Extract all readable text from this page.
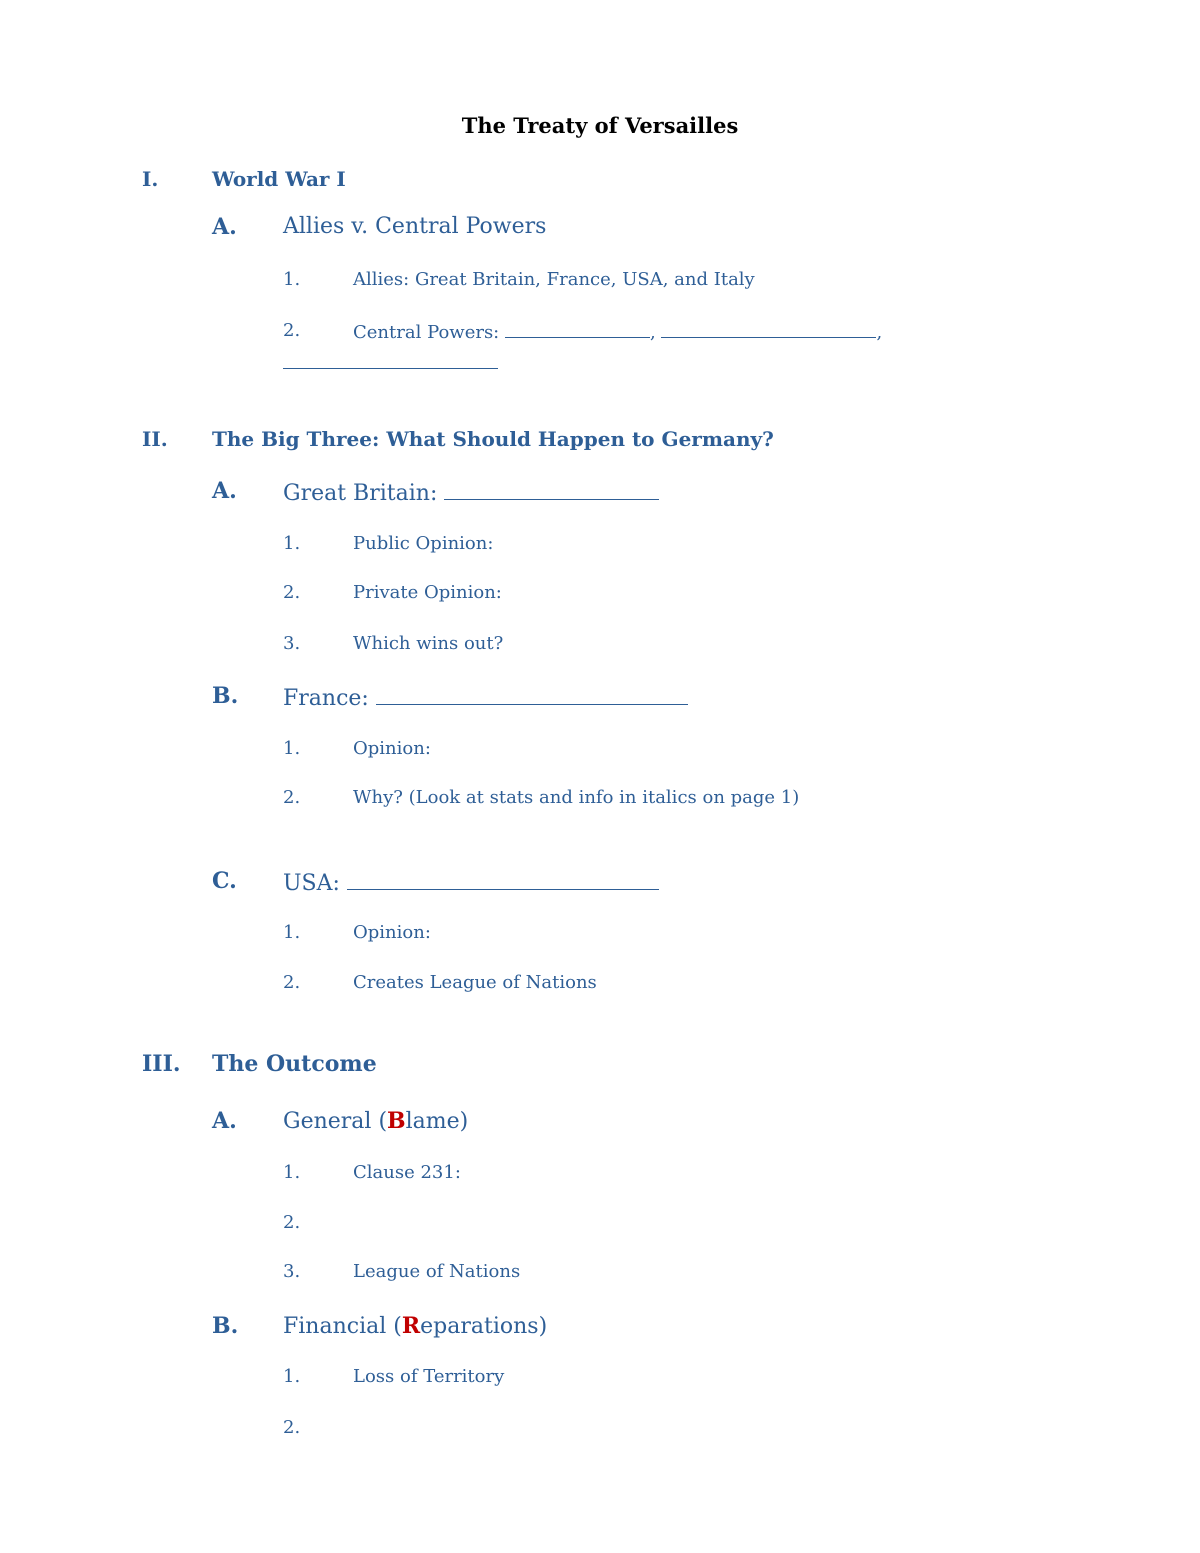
The Treaty of Versailles
I.	World War I
A. Allies v. Central Powers
1.	Allies: Great Britain, France, USA, and Italy
2.	Central Powers:	,	,
II. The Big Three: What Should Happen to Germany?
A. Great Britain:
1.	Public Opinion:
2.	Private Opinion:
3.	Which wins out?
B. France:
1.	Opinion:
2.	Why? (Look at stats and info in italics on page 1)
C. USA:
1.	Opinion:
2.	Creates League of Nations
III. The Outcome
A. General (Blame)
1.	Clause 231:
2.
3.	League of Nations
B. Financial (Reparations)
1.	Loss of Territory
2.
